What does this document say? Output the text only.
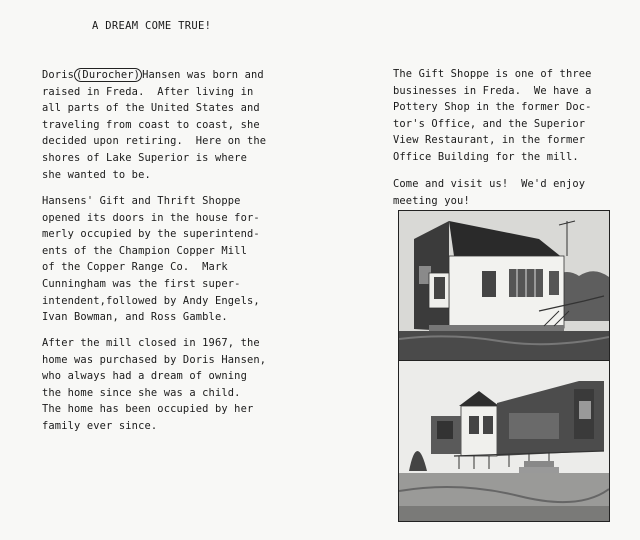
A DREAM COME TRUE!
Doris (Durocher) Hansen was born and
raised in Freda.  After living in
all parts of the United States and
traveling from coast to coast, she
decided upon retiring.  Here on the
shores of Lake Superior is where
she wanted to be.
Hansens' Gift and Thrift Shoppe
opened its doors in the house for-
merly occupied by the superintend-
ents of the Champion Copper Mill
of the Copper Range Co.  Mark
Cunningham was the first super-
intendent,followed by Andy Engels,
Ivan Bowman, and Ross Gamble.
After the mill closed in 1967, the
home was purchased by Doris Hansen,
who always had a dream of owning
the home since she was a child.
The home has been occupied by her
family ever since.
The Gift Shoppe is one of three
businesses in Freda.  We have a
Pottery Shop in the former Doc-
tor's Office, and the Superior
View Restaurant, in the former
Office Building for the mill.
Come and visit us!  We'd enjoy
meeting you!
